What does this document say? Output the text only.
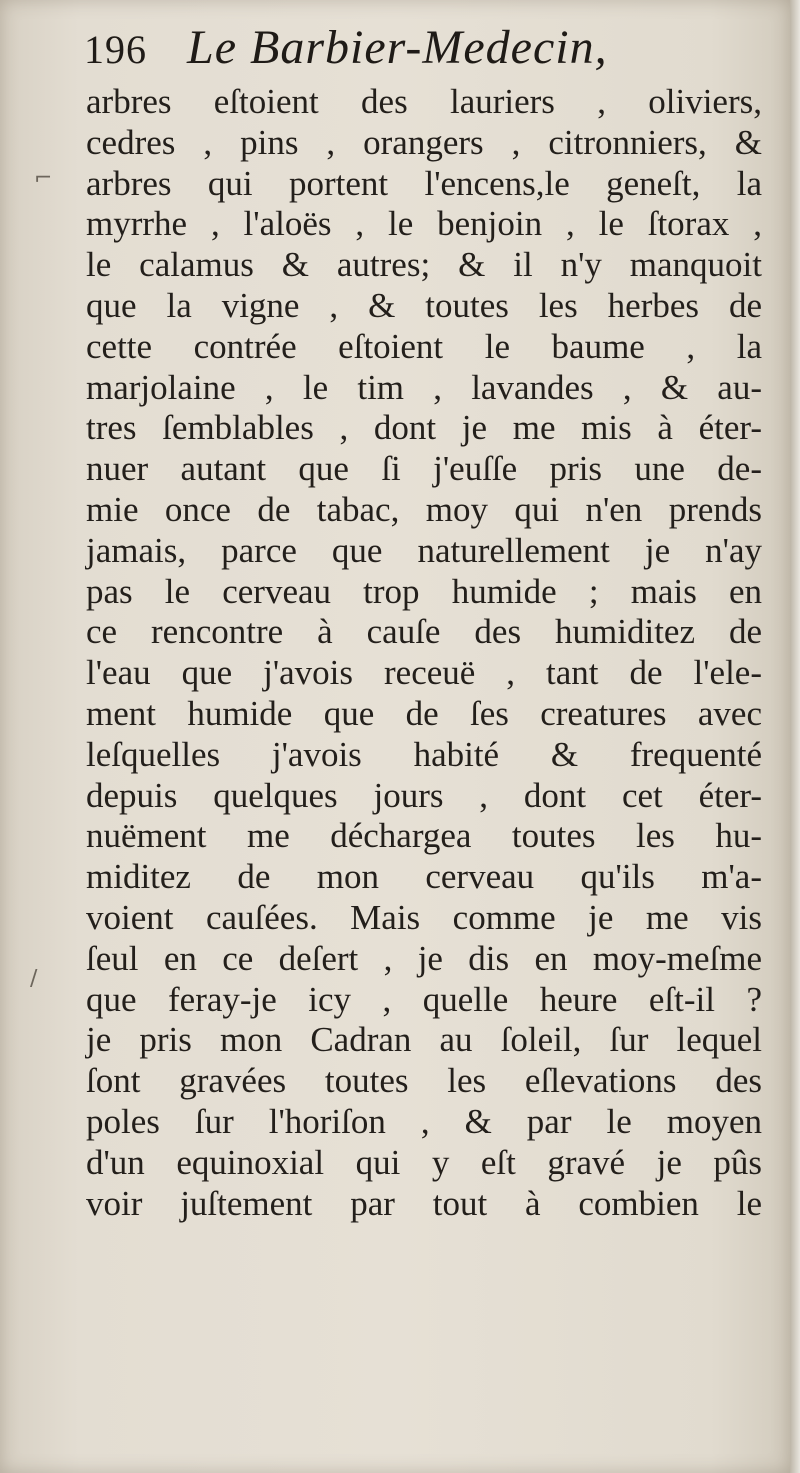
196 Le Barbier-Medecin,
arbres eſtoient des lauriers , oliviers,
cedres , pins , orangers , citronniers, &
arbres qui portent l'encens,le geneſt, la
myrrhe , l'aloës , le benjoin , le ſtorax ,
le calamus & autres; & il n'y manquoit
que la vigne , & toutes les herbes de
cette contrée eſtoient le baume , la
marjolaine , le tim , lavandes , & au-
tres ſemblables , dont je me mis à éter-
nuer autant que ſi j'euſſe pris une de-
mie once de tabac, moy qui n'en prends
jamais, parce que naturellement je n'ay
pas le cerveau trop humide ; mais en
ce rencontre à cauſe des humiditez de
l'eau que j'avois receuë , tant de l'ele-
ment humide que de ſes creatures avec
leſquelles j'avois habité & frequenté
depuis quelques jours , dont cet éter-
nuëment me déchargea toutes les hu-
miditez de mon cerveau qu'ils m'a-
voient cauſées. Mais comme je me vis
ſeul en ce deſert , je dis en moy-meſme
que feray-je icy , quelle heure eſt-il ?
je pris mon Cadran au ſoleil, ſur lequel
ſont gravées toutes les eſlevations des
poles ſur l'horiſon , & par le moyen
d'un equinoxial qui y eſt gravé je pûs
voir juſtement par tout à combien le
⌐
∕
